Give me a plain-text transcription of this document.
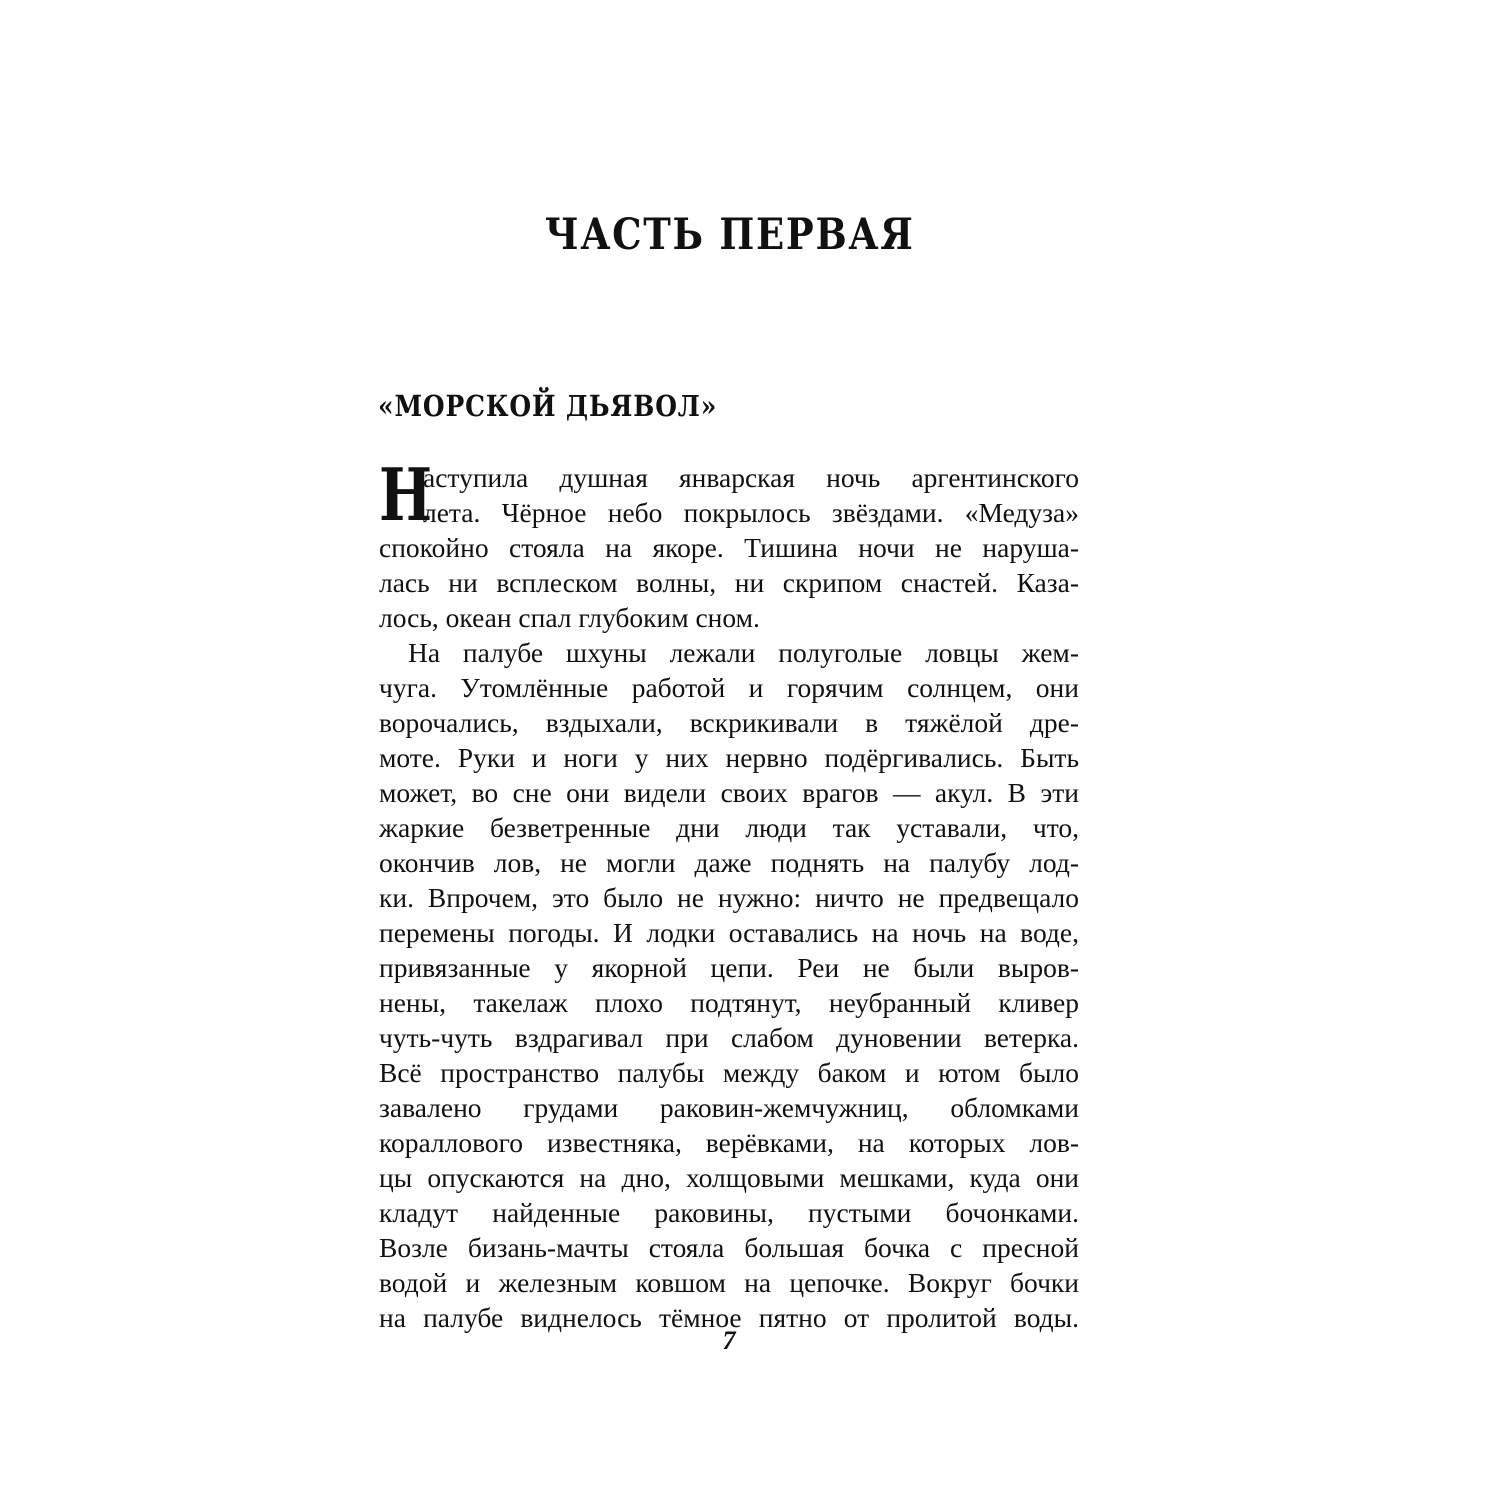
ЧАСТЬ ПЕРВАЯ
«МОРСКОЙ ДЬЯВОЛ»
Н
аступила душная январская ночь аргентинского
лета. Чёрное небо покрылось звёздами. «Медуза»
спокойно стояла на якоре. Тишина ночи не наруша-
лась ни всплеском волны, ни скрипом снастей. Каза-
лось, океан спал глубоким сном.
На палубе шхуны лежали полуголые ловцы жем-
чуга. Утомлённые работой и горячим солнцем, они
ворочались, вздыхали, вскрикивали в тяжёлой дре-
моте. Руки и ноги у них нервно подёргивались. Быть
может, во сне они видели своих врагов — акул. В эти
жаркие безветренные дни люди так уставали, что,
окончив лов, не могли даже поднять на палубу лод-
ки. Впрочем, это было не нужно: ничто не предвещало
перемены погоды. И лодки оставались на ночь на воде,
привязанные у якорной цепи. Реи не были выров-
нены, такелаж плохо подтянут, неубранный кливер
чуть-чуть вздрагивал при слабом дуновении ветерка.
Всё пространство палубы между баком и ютом было
завалено грудами раковин-жемчужниц, обломками
кораллового известняка, верёвками, на которых лов-
цы опускаются на дно, холщовыми мешками, куда они
кладут найденные раковины, пустыми бочонками.
Возле бизань-мачты стояла большая бочка с пресной
водой и железным ковшом на цепочке. Вокруг бочки
на палубе виднелось тёмное пятно от пролитой воды.
7
